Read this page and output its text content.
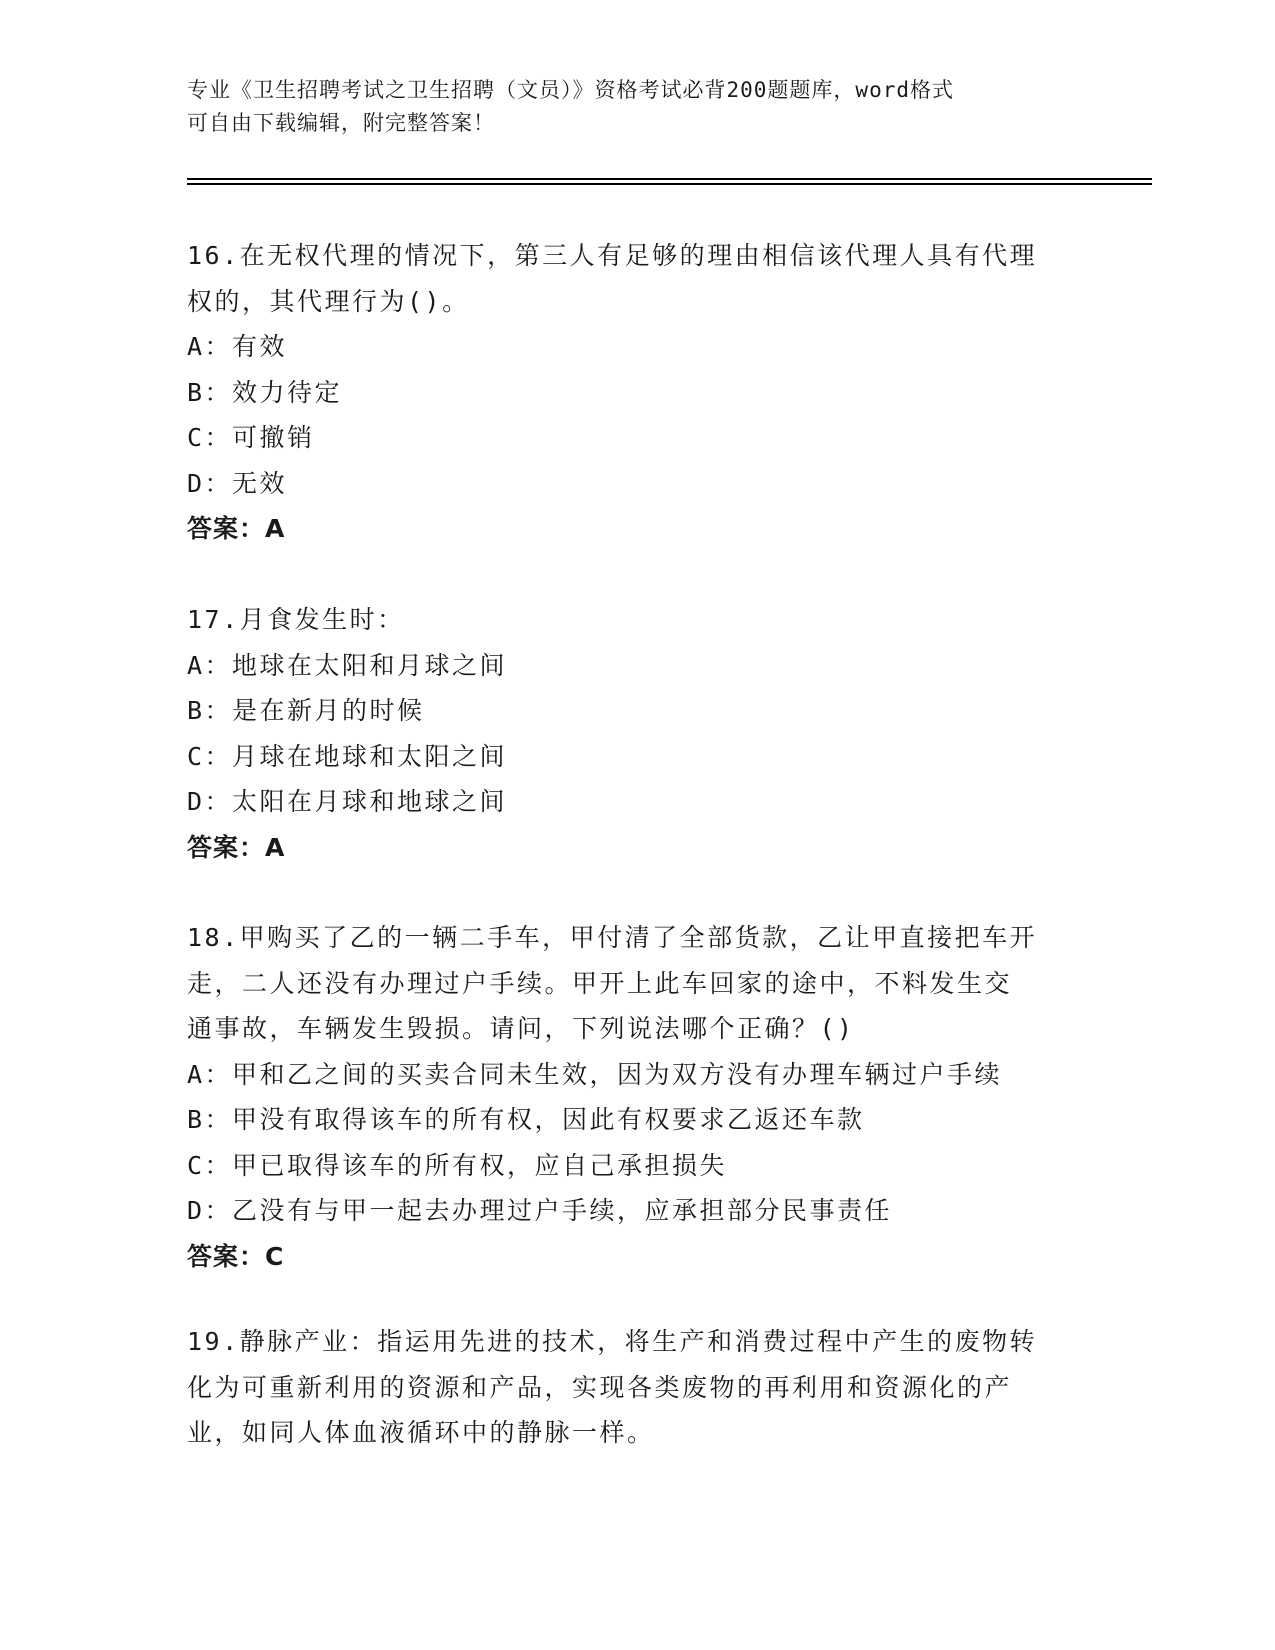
专业《卫生招聘考试之卫生招聘（文员）》资格考试必背200题题库，word格式
可自由下载编辑，附完整答案！
16.在无权代理的情况下，第三人有足够的理由相信该代理人具有代理
权的，其代理行为()。
A：有效
B：效力待定
C：可撤销
D：无效
答案：A
17.月食发生时：
A：地球在太阳和月球之间
B：是在新月的时候
C：月球在地球和太阳之间
D：太阳在月球和地球之间
答案：A
18.甲购买了乙的一辆二手车，甲付清了全部货款，乙让甲直接把车开
走，二人还没有办理过户手续。甲开上此车回家的途中，不料发生交
通事故，车辆发生毁损。请问，下列说法哪个正确？()
A：甲和乙之间的买卖合同未生效，因为双方没有办理车辆过户手续
B：甲没有取得该车的所有权，因此有权要求乙返还车款
C：甲已取得该车的所有权，应自己承担损失
D：乙没有与甲一起去办理过户手续，应承担部分民事责任
答案：C
19.静脉产业：指运用先进的技术，将生产和消费过程中产生的废物转
化为可重新利用的资源和产品，实现各类废物的再利用和资源化的产
业，如同人体血液循环中的静脉一样。
